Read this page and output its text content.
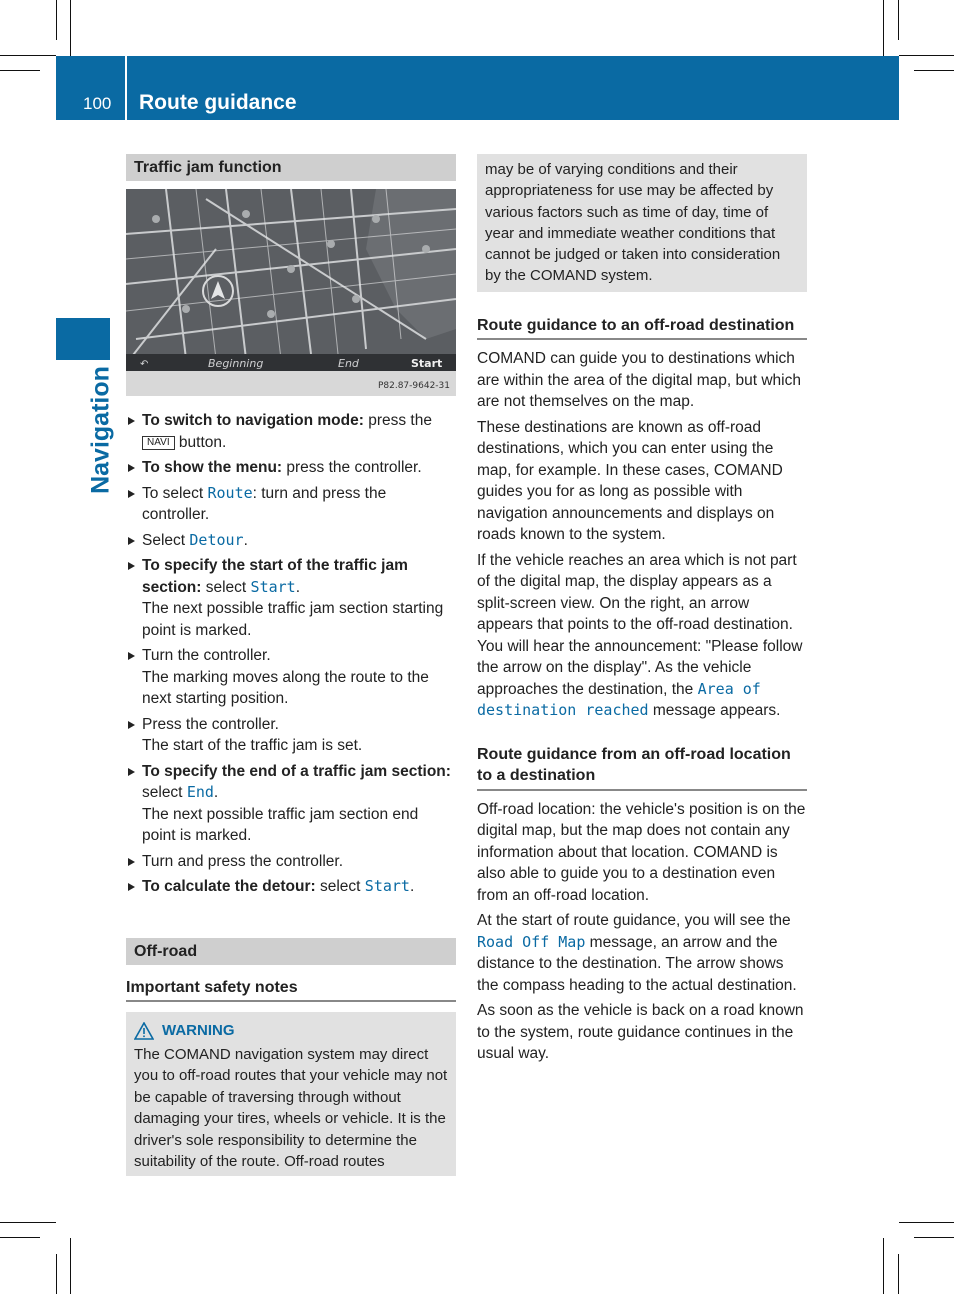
100 Route guidance
Navigation
Traffic jam function
↶	Beginning	End	Start
P82.87-9642-31
To switch to navigation mode: press the NAVI button.
To show the menu: press the controller.
To select Route: turn and press the controller.
Select Detour.
To specify the start of the traffic jam section: select Start.
The next possible traffic jam section starting point is marked.
Turn the controller.
The marking moves along the route to the next starting position.
Press the controller.
The start of the traffic jam is set.
To specify the end of a traffic jam section: select End.
The next possible traffic jam section end point is marked.
Turn and press the controller.
To calculate the detour: select Start.
Off-road
Important safety notes
WARNING
The COMAND navigation system may direct you to off-road routes that your vehicle may not be capable of traversing through without damaging your tires, wheels or vehicle. It is the driver's sole responsibility to determine the suitability of the route. Off-road routes
may be of varying conditions and their appropriateness for use may be affected by various factors such as time of day, time of year and immediate weather conditions that cannot be judged or taken into consideration by the COMAND system.
Route guidance to an off-road destination

COMAND can guide you to destinations which are within the area of the digital map, but which are not themselves on the map.

These destinations are known as off-road destinations, which you can enter using the map, for example. In these cases, COMAND guides you for as long as possible with navigation announcements and displays on roads known to the system.

If the vehicle reaches an area which is not part of the digital map, the display appears as a split-screen view. On the right, an arrow appears that points to the off-road destination. You will hear the announcement: "Please follow the arrow on the display". As the vehicle approaches the destination, the Area of destination reached message appears.

Route guidance from an off-road location to a destination

Off-road location: the vehicle's position is on the digital map, but the map does not contain any information about that location. COMAND is also able to guide you to a destination even from an off-road location.

At the start of route guidance, you will see the Road Off Map message, an arrow and the distance to the destination. The arrow shows the compass heading to the actual destination.

As soon as the vehicle is back on a road known to the system, route guidance continues in the usual way.
